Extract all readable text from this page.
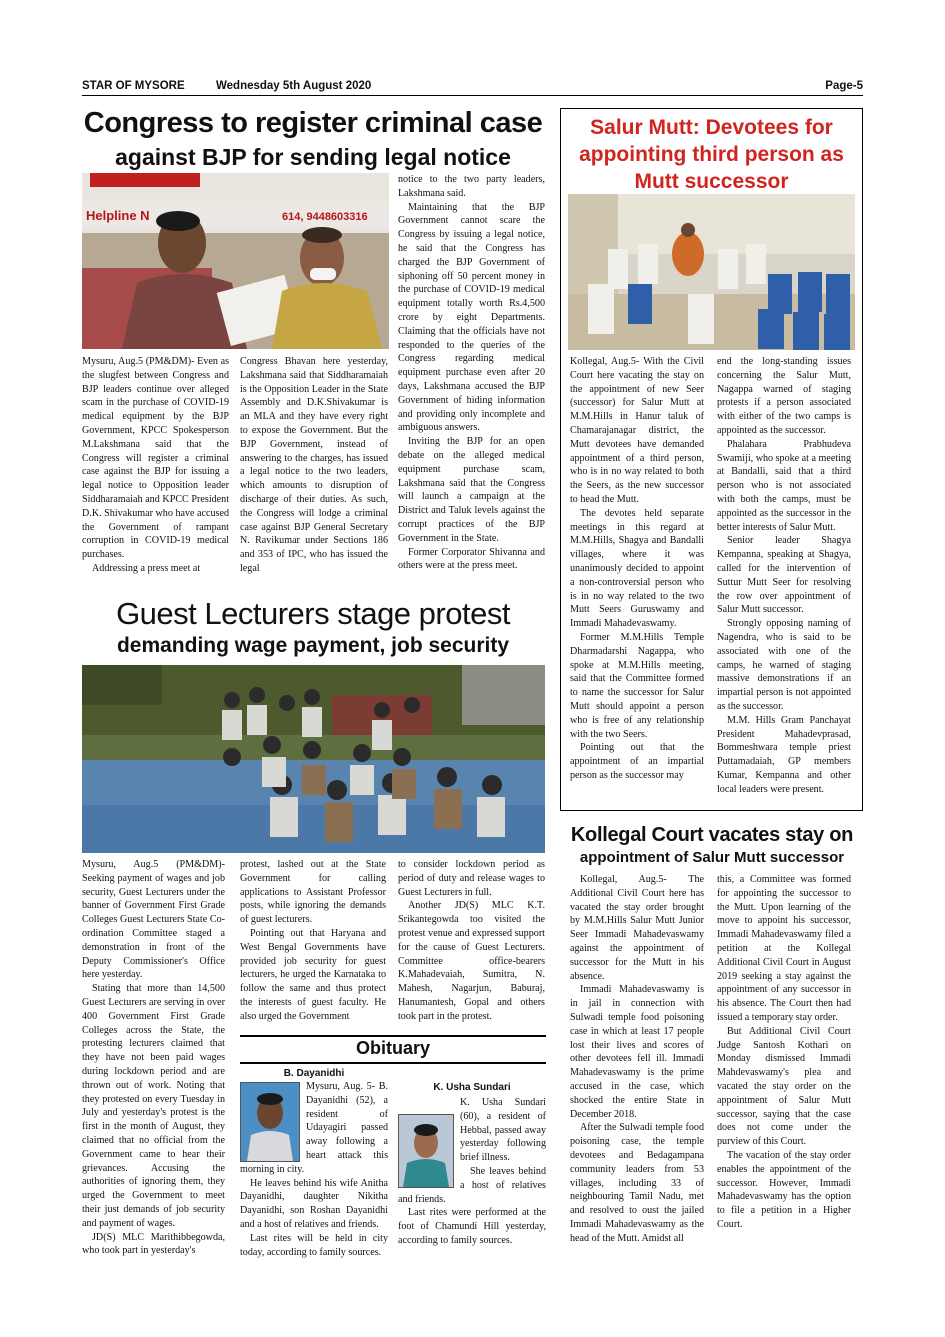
STAR OF MYSORE	Wednesday 5th August 2020	Page-5
Congress to register criminal case
against BJP for sending legal notice
Helpline N	614, 9448603316

Mysuru, Aug.5 (PM&DM)- Even as the slugfest between Congress and BJP leaders continue over alleged scam in the purchase of COVID-19 medical equipment by the BJP Government, KPCC Spokesperson M.Lakshmana said that the Congress will register a criminal case against the BJP for issuing a legal notice to Opposition leader Siddharamaiah and KPCC President D.K. Shivakumar who have accused the Government of rampant corruption in COVID-19 medical purchases.

Addressing a press meet at

Congress Bhavan here yesterday, Lakshmana said that Siddharamaiah is the Opposition Leader in the State Assembly and D.K.Shivakumar is an MLA and they have every right to expose the Government. But the BJP Government, instead of answering to the charges, has issued a legal notice to the two leaders, which amounts to disruption of discharge of their duties. As such, the Congress will lodge a criminal case against BJP General Secretary N. Ravikumar under Sections 186 and 353 of IPC, who has issued the legal

notice to the two party leaders, Lakshmana said.

Maintaining that the BJP Government cannot scare the Congress by issuing a legal notice, he said that the Congress has charged the BJP Government of siphoning off 50 percent money in the purchase of COVID-19 medical equipment totally worth Rs.4,500 crore by eight Departments. Claiming that the officials have not responded to the queries of the Congress regarding medical equipment purchase even after 20 days, Lakshmana accused the BJP Government of hiding information and providing only incomplete and ambiguous answers.

Inviting the BJP for an open debate on the alleged medical equipment purchase scam, Lakshmana said that the Congress will launch a campaign at the District and Taluk levels against the corrupt practices of the BJP Government in the State.

Former Corporator Shivanna and others were at the press meet.

Guest Lecturers stage protest
demanding wage payment, job security

Mysuru, Aug.5 (PM&DM)- Seeking payment of wages and job security, Guest Lecturers under the banner of Government First Grade Colleges Guest Lecturers State Co-ordination Committee staged a demonstration in front of the Deputy Commissioner's Office here yesterday.

Stating that more than 14,500 Guest Lecturers are serving in over 400 Government First Grade Colleges across the State, the protesting lecturers claimed that they have not been paid wages during lockdown period and are thrown out of work. Noting that they protested on every Tuesday in July and yesterday's protest is the first in the month of August, they claimed that no official from the Government came to hear their grievances. Accusing the authorities of ignoring them, they urged the Government to meet their just demands of job security and payment of wages.

JD(S) MLC Marithibbegowda, who took part in yesterday's

protest, lashed out at the State Government for calling applications to Assistant Professor posts, while ignoring the demands of guest lecturers.

Pointing out that Haryana and West Bengal Governments have provided job security for guest lecturers, he urged the Karnataka to follow the same and thus protect the interests of guest faculty. He also urged the Government

to consider lockdown period as period of duty and release wages to Guest Lecturers in full.

Another JD(S) MLC K.T. Srikantegowda too visited the protest venue and expressed support for the cause of Guest Lecturers. Committee office-bearers K.Mahadevaiah, Sumitra, N. Mahesh, Nagarjun, Baburaj, Hanumantesh, Gopal and others took part in the protest.

Obituary
B. Dayanidhi

Mysuru, Aug. 5- B. Dayanidhi (52), a resident of Udayagiri passed away following a heart attack this morning in city.

He leaves behind his wife Anitha Dayanidhi, daughter Nikitha Dayanidhi, son Roshan Dayanidhi and a host of relatives and friends.

Last rites will be held in city today, according to family sources.

K. Usha Sundari

K. Usha Sundari (60), a resident of Hebbal, passed away yesterday following brief illness.

She leaves behind a host of relatives and friends.

Last rites were performed at the foot of Chamundi Hill yesterday, according to family sources.

Salur Mutt: Devotees for appointing third person as Mutt successor

Kollegal, Aug.5- With the Civil Court here vacating the stay on the appointment of new Seer (successor) for Salur Mutt at M.M.Hills in Hanur taluk of Chamarajanagar district, the Mutt devotees have demanded appointment of a third person, who is in no way related to both the Seers, as the new successor to head the Mutt.

The devotes held separate meetings in this regard at M.M.Hills, Shagya and Bandalli villages, where it was unanimously decided to appoint a non-controversial person who is in no way related to the two Mutt Seers Guruswamy and Immadi Mahadevaswamy.

Former M.M.Hills Temple Dharmadarshi Nagappa, who spoke at M.M.Hills meeting, said that the Committee formed to name the successor for Salur Mutt should appoint a person who is free of any relationship with the two Seers.

Pointing out that the appointment of an impartial person as the successor may

end the long-standing issues concerning the Salur Mutt, Nagappa warned of staging protests if a person associated with either of the two camps is appointed as the successor.

Phalahara Prabhudeva Swamiji, who spoke at a meeting at Bandalli, said that a third person who is not associated with both the camps, must be appointed as the successor in the better interests of Salur Mutt.

Senior leader Shagya Kempanna, speaking at Shagya, called for the intervention of Suttur Mutt Seer for resolving the row over appointment of Salur Mutt successor.

Strongly opposing naming of Nagendra, who is said to be associated with one of the camps, he warned of staging massive demonstrations if an impartial person is not appointed as the successor.

M.M. Hills Gram Panchayat President Mahadevprasad, Bommeshwara temple priest Puttamadaiah, GP members Kumar, Kempanna and other local leaders were present.

Kollegal Court vacates stay on
appointment of Salur Mutt successor

Kollegal, Aug.5- The Additional Civil Court here has vacated the stay order brought by M.M.Hills Salur Mutt Junior Seer Immadi Mahadevaswamy against the appointment of successor for the Mutt in his absence.

Immadi Mahadevaswamy is in jail in connection with Sulwadi temple food poisoning case in which at least 17 people lost their lives and scores of other devotees fell ill. Immadi Mahadevaswamy is the prime accused in the case, which shocked the entire State in December 2018.

After the Sulwadi temple food poisoning case, the temple devotees and Bedagampana community leaders from 53 villages, including 33 of neighbouring Tamil Nadu, met and resolved to oust the jailed Immadi Mahadevaswamy as the head of the Mutt. Amidst all

this, a Committee was formed for appointing the successor to the Mutt. Upon learning of the move to appoint his successor, Immadi Mahadevaswamy filed a petition at the Kollegal Additional Civil Court in August 2019 seeking a stay against the appointment of any successor in his absence. The Court then had issued a temporary stay order.

But Additional Civil Court Judge Santosh Kothari on Monday dismissed Immadi Mahdevaswamy's plea and vacated the stay order on the appointment of Salur Mutt successor, saying that the case does not come under the purview of this Court.

The vacation of the stay order enables the appointment of the successor. However, Immadi Mahadevaswamy has the option to file a petition in a Higher Court.
